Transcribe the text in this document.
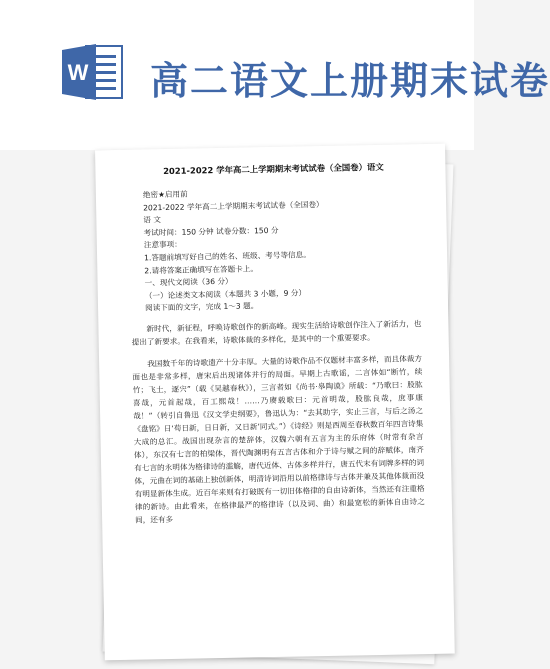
W 高二语文上册期末试卷
2021-2022 学年高二上学期期末考试试卷（全国卷）语文
绝密★启用前
2021-2022 学年高二上学期期末考试试卷（全国卷）
语 文
考试时间：150 分钟 试卷分数：150 分
注意事项：
1.答题前填写好自己的姓名、班级、考号等信息。
2.请将答案正确填写在答题卡上。
一、现代文阅读（36 分）
（一）论述类文本阅读（本题共 3 小题，9 分）
阅读下面的文字，完成 1～3 题。
新时代，新征程，呼唤诗歌创作的新高峰。现实生活给诗歌创作注入了新活力，也提出了新要求。在我看来，诗歌体裁的多样化，是其中的一个重要要求。
我国数千年的诗歌遗产十分丰厚。大量的诗歌作品不仅题材丰富多样，而且体裁方面也是非常多样，唐宋后出现诸体并行的局面。早期上古歌谣，二言体如“断竹，续竹；飞土，逐宍”（载《吴越春秋》），三言者如《尚书·皋陶谟》所载：“乃歌曰：股肱喜哉，元首起哉，百工熙哉！……乃赓载歌曰：元首明哉，股肱良哉，庶事康哉！”（转引自鲁迅《汉文学史纲要》，鲁迅认为：“去其助字，实止三言，与后之汤之《盘铭》日‘苟日新，日日新，又日新’同式。”）《诗经》则是西周至春秋数百年四言诗集大成的总汇。战国出现杂言的楚辞体，汉魏六朝有五言为主的乐府体（时常有杂言体），东汉有七言的柏梁体，晋代陶渊明有五言古体和介于诗与赋之间的辞赋体，南齐有七言的永明体为格律诗的滥觞，唐代近体、古体多样并行，唐五代末有词牌多样的词体，元曲在词的基础上独创新体，明清诗词沿用以前格律诗与古体并兼及其他体裁而没有明显新体生成。近百年来则有打破既有一切旧体格律的自由诗新体，当然还有注重格律的新诗。由此看来，在格律最严的格律诗（以及词、曲）和最宽松的新体自由诗之间，还有多
